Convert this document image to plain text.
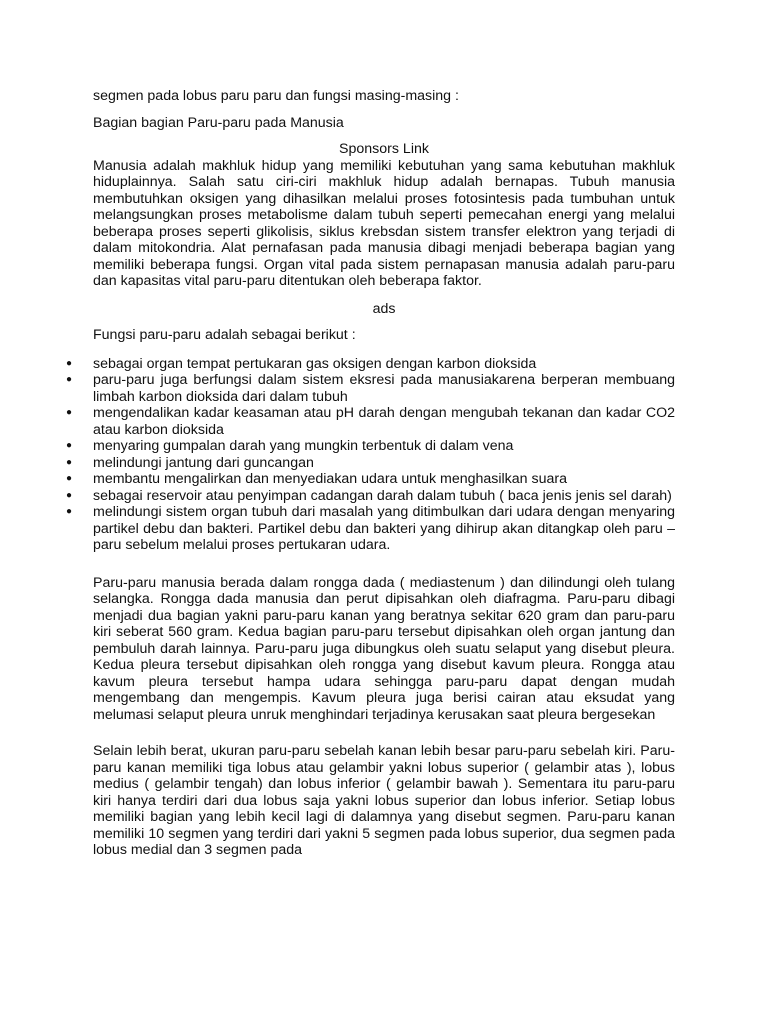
segmen pada lobus paru paru dan fungsi masing-masing :

Bagian bagian Paru-paru pada Manusia

Sponsors Link

Manusia adalah makhluk hidup yang memiliki kebutuhan yang sama kebutuhan makhluk hiduplainnya. Salah satu ciri-ciri makhluk hidup adalah bernapas. Tubuh manusia membutuhkan oksigen yang dihasilkan melalui proses fotosintesis pada tumbuhan untuk melangsungkan proses metabolisme dalam tubuh seperti pemecahan energi yang melalui beberapa proses seperti glikolisis, siklus krebsdan sistem transfer elektron yang terjadi di dalam mitokondria. Alat pernafasan pada manusia dibagi menjadi beberapa bagian yang memiliki beberapa fungsi. Organ vital pada sistem pernapasan manusia adalah paru-paru dan kapasitas vital paru-paru ditentukan oleh beberapa faktor.

ads

Fungsi paru-paru adalah sebagai berikut :

● sebagai organ tempat pertukaran gas oksigen dengan karbon dioksida
● paru-paru juga berfungsi dalam sistem eksresi pada manusiakarena berperan membuang limbah karbon dioksida dari dalam tubuh
● mengendalikan kadar keasaman atau pH darah dengan mengubah tekanan dan kadar CO2 atau karbon dioksida
● menyaring gumpalan darah yang mungkin terbentuk di dalam vena
● melindungi jantung dari guncangan
● membantu mengalirkan dan menyediakan udara untuk menghasilkan suara
● sebagai reservoir atau penyimpan cadangan darah dalam tubuh ( baca jenis jenis sel darah)
● melindungi sistem organ tubuh dari masalah yang ditimbulkan dari udara dengan menyaring partikel debu dan bakteri. Partikel debu dan bakteri yang dihirup akan ditangkap oleh paru – paru sebelum melalui proses pertukaran udara.

Paru-paru manusia berada dalam rongga dada ( mediastenum ) dan dilindungi oleh tulang selangka. Rongga dada manusia dan perut dipisahkan oleh diafragma. Paru-paru dibagi menjadi dua bagian yakni paru-paru kanan yang beratnya sekitar 620 gram dan paru-paru kiri seberat 560 gram. Kedua bagian paru-paru tersebut dipisahkan oleh organ jantung dan pembuluh darah lainnya. Paru-paru juga dibungkus oleh suatu selaput yang disebut pleura. Kedua pleura tersebut dipisahkan oleh rongga yang disebut kavum pleura. Rongga atau kavum pleura tersebut hampa udara sehingga paru-paru dapat dengan mudah mengembang dan mengempis. Kavum pleura juga berisi cairan atau eksudat yang melumasi selaput pleura unruk menghindari terjadinya kerusakan saat pleura bergesekan

Selain lebih berat, ukuran paru-paru sebelah kanan lebih besar paru-paru sebelah kiri. Paru-paru kanan memiliki tiga lobus atau gelambir yakni lobus superior ( gelambir atas ), lobus medius ( gelambir tengah) dan lobus inferior ( gelambir bawah ). Sementara itu paru-paru kiri hanya terdiri dari dua lobus saja yakni lobus superior dan lobus inferior. Setiap lobus memiliki bagian yang lebih kecil lagi di dalamnya yang disebut segmen. Paru-paru kanan memiliki 10 segmen yang terdiri dari yakni 5 segmen pada lobus superior, dua segmen pada lobus medial dan 3 segmen pada
